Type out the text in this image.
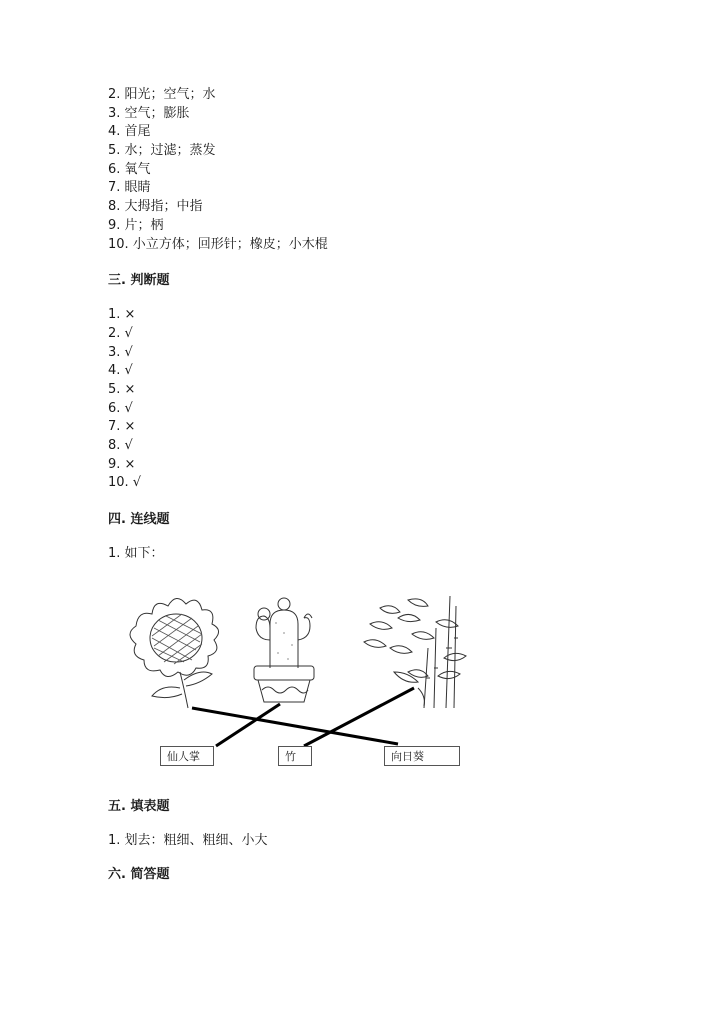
2. 阳光；空气；水
3. 空气；膨胀
4. 首尾
5. 水；过滤；蒸发
6. 氧气
7. 眼睛
8. 大拇指；中指
9. 片；柄
10. 小立方体；回形针；橡皮；小木棍
三. 判断题
1. ×
2. √
3. √
4. √
5. ×
6. √
7. ×
8. √
9. ×
10. √
四. 连线题
1. 如下：
仙人掌	竹	向日葵
五. 填表题
1. 划去：粗细、粗细、小大
六. 简答题
